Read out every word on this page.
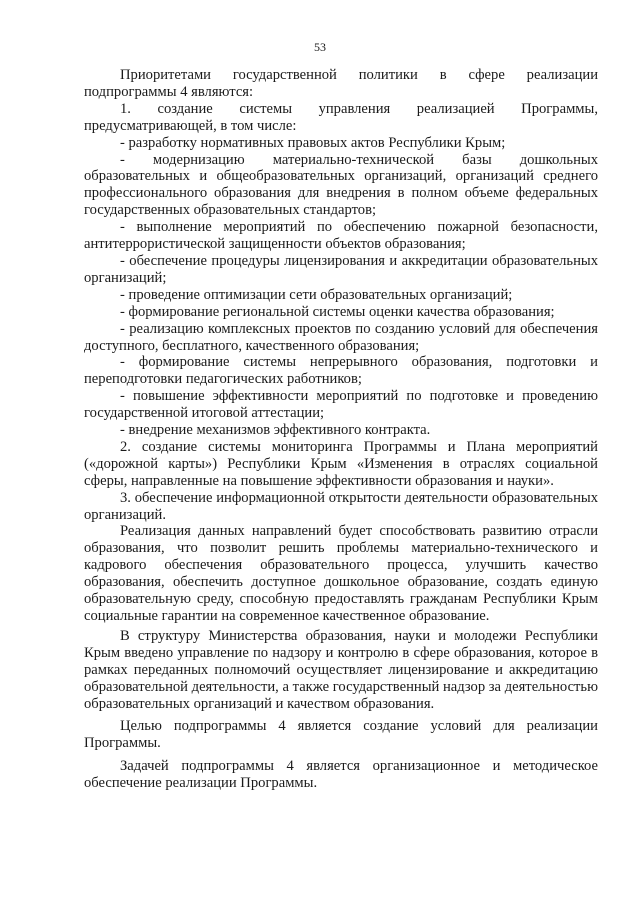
53

Приоритетами государственной политики в сфере реализации подпрограммы 4 являются:

1. создание системы управления реализацией Программы, предусматривающей, в том числе:

- разработку нормативных правовых актов Республики Крым;

- модернизацию материально-технической базы дошкольных образовательных и общеобразовательных организаций, организаций среднего профессионального образования для внедрения в полном объеме федеральных государственных образовательных стандартов;

- выполнение мероприятий по обеспечению пожарной безопасности, антитеррористической защищенности объектов образования;

- обеспечение процедуры лицензирования и аккредитации образовательных организаций;

- проведение оптимизации сети образовательных организаций;

- формирование региональной системы оценки качества образования;

- реализацию комплексных проектов по созданию условий для обеспечения доступного, бесплатного, качественного образования;

- формирование системы непрерывного образования, подготовки и переподготовки педагогических работников;

- повышение эффективности мероприятий по подготовке и проведению государственной итоговой аттестации;

- внедрение механизмов эффективного контракта.

2. создание системы мониторинга Программы и Плана мероприятий («дорожной карты») Республики Крым «Изменения в отраслях социальной сферы, направленные на повышение эффективности образования и науки».

3. обеспечение информационной открытости деятельности образовательных организаций.

Реализация данных направлений будет способствовать развитию отрасли образования, что позволит решить проблемы материально-технического и кадрового обеспечения образовательного процесса, улучшить качество образования, обеспечить доступное дошкольное образование, создать единую образовательную среду, способную предоставлять гражданам Республики Крым социальные гарантии на современное качественное образование.

В структуру Министерства образования, науки и молодежи Республики Крым введено управление по надзору и контролю в сфере образования, которое в рамках переданных полномочий осуществляет лицензирование и аккредитацию образовательной деятельности, а также государственный надзор за деятельностью образовательных организаций и качеством образования.

Целью подпрограммы 4 является создание условий для реализации Программы.

Задачей подпрограммы 4 является организационное и методическое обеспечение реализации Программы.
